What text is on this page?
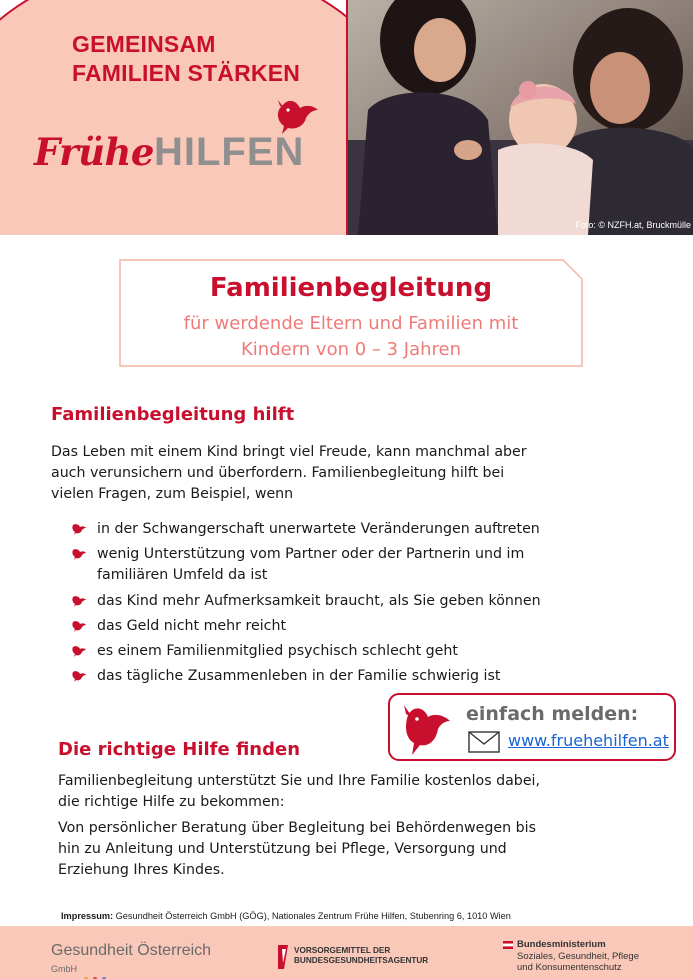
GEMEINSAM
FAMILIEN STÄRKEN
FrüheHILFEN
Foto: © NZFH.at, Bruckmülle
Familienbegleitung
für werdende Eltern und Familien mit
Kindern von 0 – 3 Jahren
Familienbegleitung hilft
Das Leben mit einem Kind bringt viel Freude, kann manchmal aber
auch verunsichern und überfordern. Familienbegleitung hilft bei
vielen Fragen, zum Beispiel, wenn
in der Schwangerschaft unerwartete Veränderungen auftreten
wenig Unterstützung vom Partner oder der Partnerin und im
familiären Umfeld da ist
das Kind mehr Aufmerksamkeit braucht, als Sie geben können
das Geld nicht mehr reicht
es einem Familienmitglied psychisch schlecht geht
das tägliche Zusammenleben in der Familie schwierig ist
einfach melden:
www.fruehehilfen.at
Die richtige Hilfe finden
Familienbegleitung unterstützt Sie und Ihre Familie kostenlos dabei,
die richtige Hilfe zu bekommen:
Von persönlicher Beratung über Begleitung bei Behördenwegen bis
hin zu Anleitung und Unterstützung bei Pflege, Versorgung und
Erziehung Ihres Kindes.
Impressum: Gesundheit Österreich GmbH (GÖG), Nationales Zentrum Frühe Hilfen, Stubenring 6, 1010 Wien
Gesundheit Österreich
GmbH
VORSORGEMITTEL DER
BUNDESGESUNDHEITSAGENTUR
Bundesministerium
Soziales, Gesundheit, Pflege
und Konsumentenschutz
